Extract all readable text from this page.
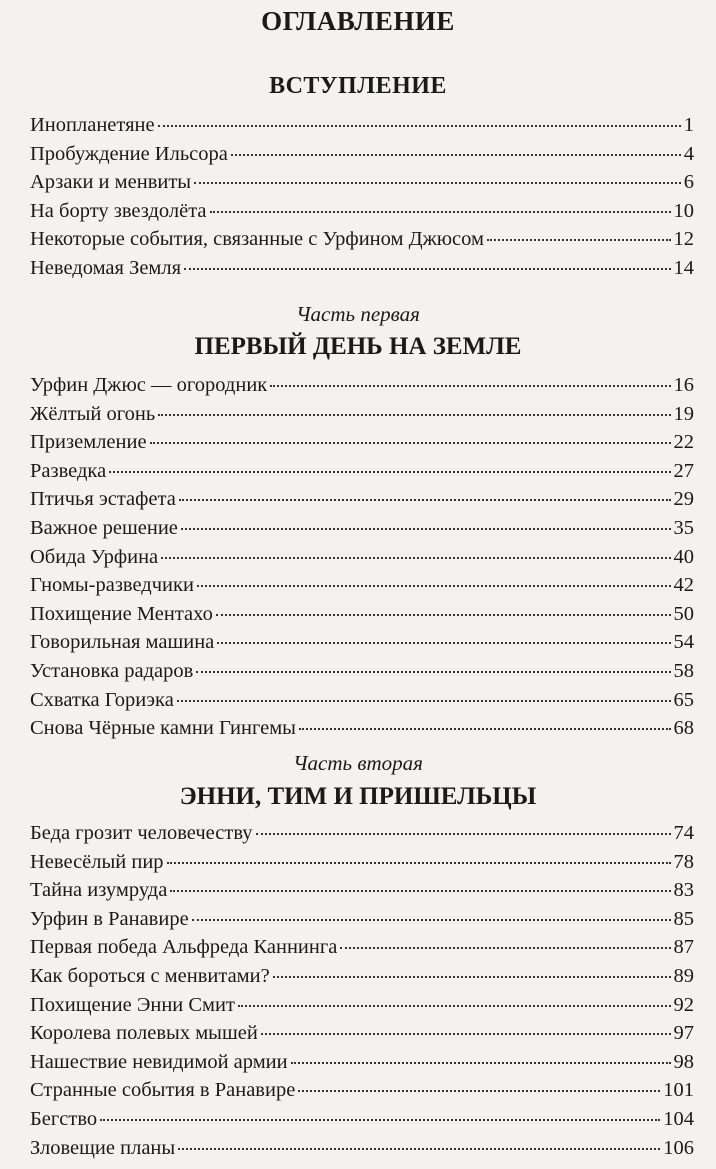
ОГЛАВЛЕНИЕ
ВСТУПЛЕНИЕ
Инопланетяне	1
Пробуждение Ильсора	4
Арзаки и менвиты	6
На борту звездолёта	10
Некоторые события, связанные с Урфином Джюсом	12
Неведомая Земля	14
Часть первая
ПЕРВЫЙ ДЕНЬ НА ЗЕМЛЕ
Урфин Джюс — огородник	16
Жёлтый огонь	19
Приземление	22
Разведка	27
Птичья эстафета	29
Важное решение	35
Обида Урфина	40
Гномы-разведчики	42
Похищение Ментахо	50
Говорильная машина	54
Установка радаров	58
Схватка Гориэка	65
Снова Чёрные камни Гингемы	68
Часть вторая
ЭННИ, ТИМ И ПРИШЕЛЬЦЫ
Беда грозит человечеству	74
Невесёлый пир	78
Тайна изумруда	83
Урфин в Ранавире	85
Первая победа Альфреда Каннинга	87
Как бороться с менвитами?	89
Похищение Энни Смит	92
Королева полевых мышей	97
Нашествие невидимой армии	98
Странные события в Ранавире	101
Бегство	104
Зловещие планы	106
